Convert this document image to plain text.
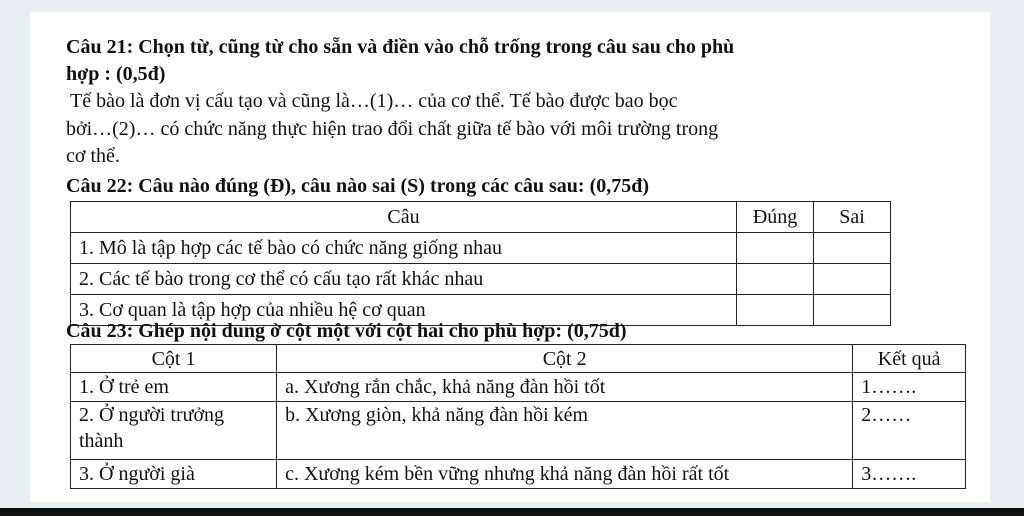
Câu 21: Chọn từ, cũng từ cho sẵn và điền vào chỗ trống trong câu sau cho phù
hợp : (0,5đ)
Tế bào là đơn vị cấu tạo và cũng là…(1)… của cơ thể. Tế bào được bao bọc
bởi…(2)… có chức năng thực hiện trao đổi chất giữa tế bào với môi trường trong
cơ thể.
Câu 22: Câu nào đúng (Đ), câu nào sai (S) trong các câu sau: (0,75đ)
Câu	Đúng	Sai
1. Mô là tập hợp các tế bào có chức năng giống nhau		
2. Các tế bào trong cơ thể có cấu tạo rất khác nhau		
3. Cơ quan là tập hợp của nhiều hệ cơ quan		
Câu 23: Ghép nội dung ở cột một với cột hai cho phù hợp: (0,75đ)
Cột 1	Cột 2	Kết quả
1. Ở trẻ em	a. Xương rắn chắc, khả năng đàn hồi tốt	1…….
2. Ở người trưởng thành	b. Xương giòn, khả năng đàn hồi kém	2……
3. Ở người già	c. Xương kém bền vững nhưng khả năng đàn hồi rất tốt	3…….
